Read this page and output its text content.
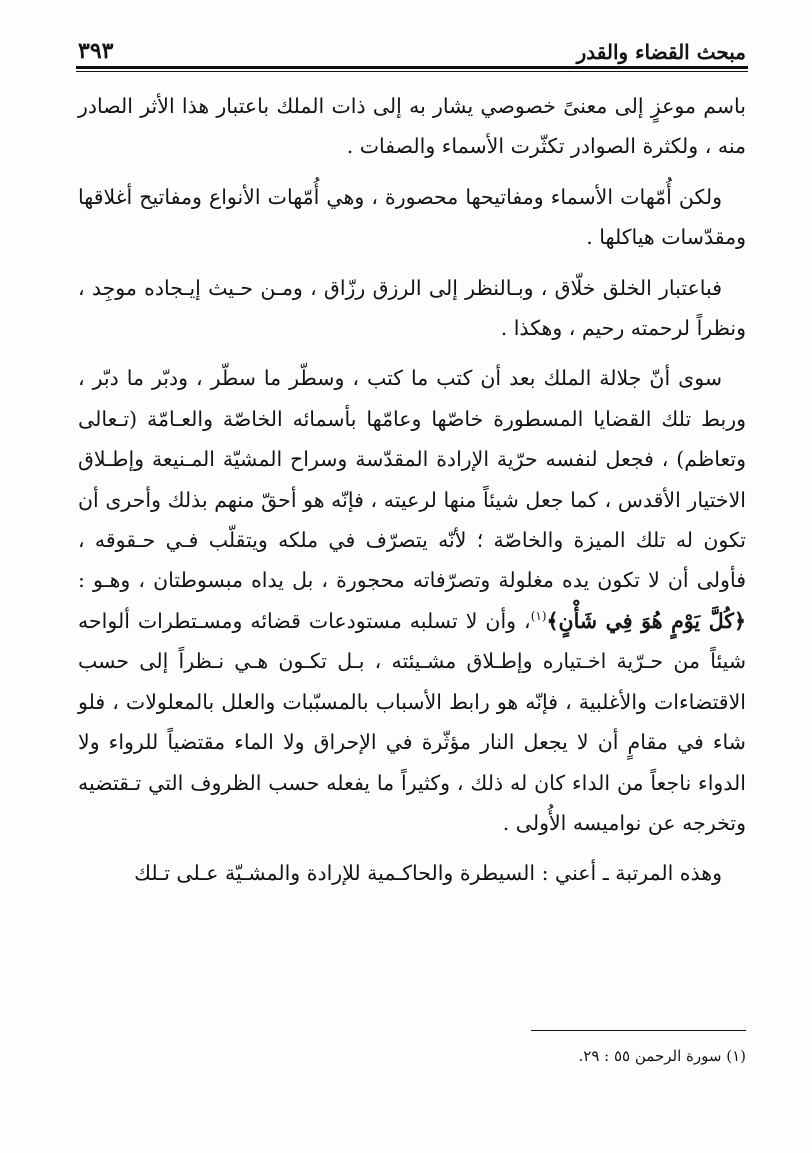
مبحث القضاء والقدر
٣٩٣

باسم موعزٍ إلى معنىً خصوصي يشار به إلى ذات الملك باعتبار هذا الأثر الصادر منه ، ولكثرة الصوادر تكثّرت الأسماء والصفات .

ولكن أُمّهات الأسماء ومفاتيحها محصورة ، وهي أُمّهات الأنواع ومفاتيح أغلاقها ومقدّسات هياكلها .

فباعتبار الخلق خلّاق ، وبـالنظر إلى الرزق رزّاق ، ومـن حـيث إيـجاده موجِد ، ونظراً لرحمته رحيم ، وهكذا .

سوى أنّ جلالة الملك بعد أن كتب ما كتب ، وسطّر ما سطّر ، ودبّر ما دبّر ، وربط تلك القضايا المسطورة خاصّها وعامّها بأسمائه الخاصّة والعـامّة (تـعالى وتعاظم) ، فجعل لنفسه حرّية الإرادة المقدّسة وسراح المشيّة المـنيعة وإطـلاق الاختيار الأقدس ، كما جعل شيئاً منها لرعيته ، فإنّه هو أحقّ منهم بذلك وأحرى أن تكون له تلك الميزة والخاصّة ؛ لأنّه يتصرّف في ملكه ويتقلّب فـي حـقوقه ، فأولى أن لا تكون يده مغلولة وتصرّفاته محجورة ، بل يداه مبسوطتان ، وهـو : ﴿كُلَّ يَوْمٍ هُوَ فِي شَأْنٍ﴾$^{(١)}$، وأن لا تسلبه مستودعات قضائه ومسـتطرات ألواحه شيئاً من حـرّية اخـتياره وإطـلاق مشـيئته ، بـل تكـون هـي نـظراً إلى حسب الاقتضاءات والأغلبية ، فإنّه هو رابط الأسباب بالمسبّبات والعلل بالمعلولات ، فلو شاء في مقامٍ أن لا يجعل النار مؤثّرة في الإحراق ولا الماء مقتضياً للرواء ولا الدواء ناجعاً من الداء كان له ذلك ، وكثيراً ما يفعله حسب الظروف التي تـقتضيه وتخرجه عن نواميسه الأُولى .

وهذه المرتبة ـ أعني : السيطرة والحاكـمية للإرادة والمشـيّة عـلى تـلك

(١) سورة الرحمن ٥٥ : ٢٩.
